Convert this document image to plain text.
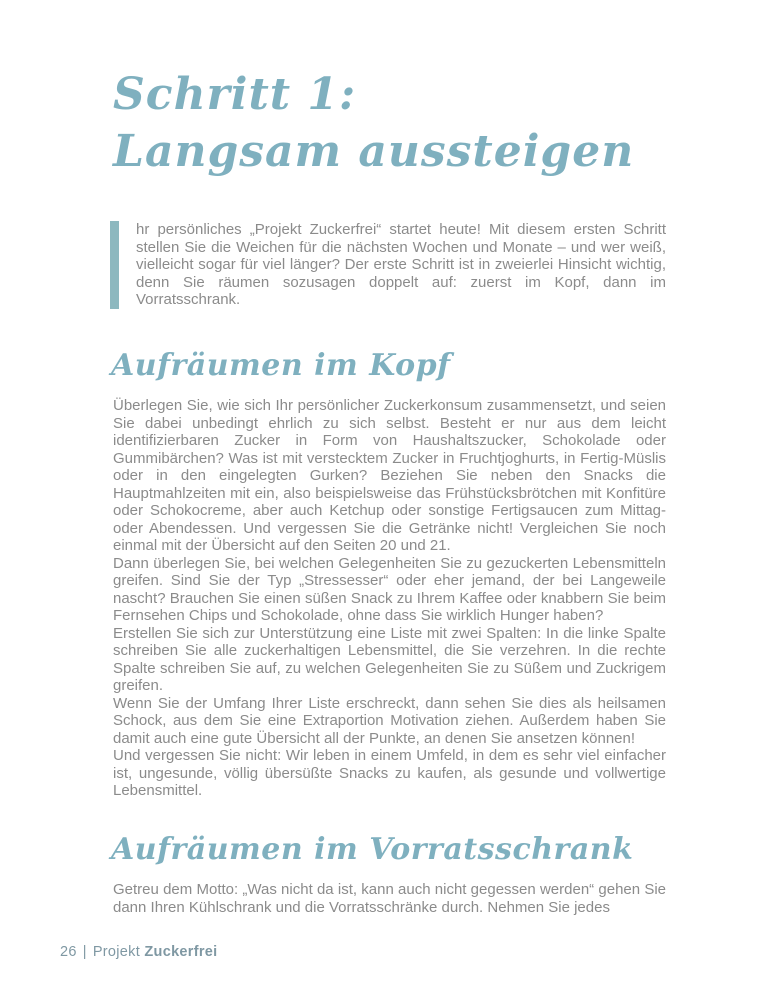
Schritt 1:
Langsam aussteigen

hr persönliches „Projekt Zuckerfrei“ startet heute! Mit diesem ersten Schritt stellen Sie die Weichen für die nächsten Wochen und Monate – und wer weiß, vielleicht sogar für viel länger? Der erste Schritt ist in zweierlei Hinsicht wichtig, denn Sie räumen sozusagen doppelt auf: zuerst im Kopf, dann im Vorratsschrank.

Aufräumen im Kopf

Überlegen Sie, wie sich Ihr persönlicher Zuckerkonsum zusammensetzt, und seien Sie dabei unbedingt ehrlich zu sich selbst. Besteht er nur aus dem leicht identifizierbaren Zucker in Form von Haushaltszucker, Schokolade oder Gummibärchen? Was ist mit verstecktem Zucker in Fruchtjoghurts, in Fertig-Müslis oder in den eingelegten Gurken? Beziehen Sie neben den Snacks die Hauptmahlzeiten mit ein, also beispielsweise das Frühstücksbrötchen mit Konfitüre oder Schokocreme, aber auch Ketchup oder sonstige Fertigsaucen zum Mittag- oder Abendessen. Und vergessen Sie die Getränke nicht! Vergleichen Sie noch einmal mit der Übersicht auf den Seiten 20 und 21.

Dann überlegen Sie, bei welchen Gelegenheiten Sie zu gezuckerten Lebensmitteln greifen. Sind Sie der Typ „Stressesser“ oder eher jemand, der bei Langeweile nascht? Brauchen Sie einen süßen Snack zu Ihrem Kaffee oder knabbern Sie beim Fernsehen Chips und Schokolade, ohne dass Sie wirklich Hunger haben?

Erstellen Sie sich zur Unterstützung eine Liste mit zwei Spalten: In die linke Spalte schreiben Sie alle zuckerhaltigen Lebensmittel, die Sie verzehren. In die rechte Spalte schreiben Sie auf, zu welchen Gelegenheiten Sie zu Süßem und Zuckrigem greifen.

Wenn Sie der Umfang Ihrer Liste erschreckt, dann sehen Sie dies als heilsamen Schock, aus dem Sie eine Extraportion Motivation ziehen. Außerdem haben Sie damit auch eine gute Übersicht all der Punkte, an denen Sie ansetzen können!

Und vergessen Sie nicht: Wir leben in einem Umfeld, in dem es sehr viel einfacher ist, ungesunde, völlig übersüßte Snacks zu kaufen, als gesunde und vollwertige Lebensmittel.

Aufräumen im Vorratsschrank

Getreu dem Motto: „Was nicht da ist, kann auch nicht gegessen werden“ gehen Sie dann Ihren Kühlschrank und die Vorratsschränke durch. Nehmen Sie jedes

26 | Projekt Zuckerfrei
